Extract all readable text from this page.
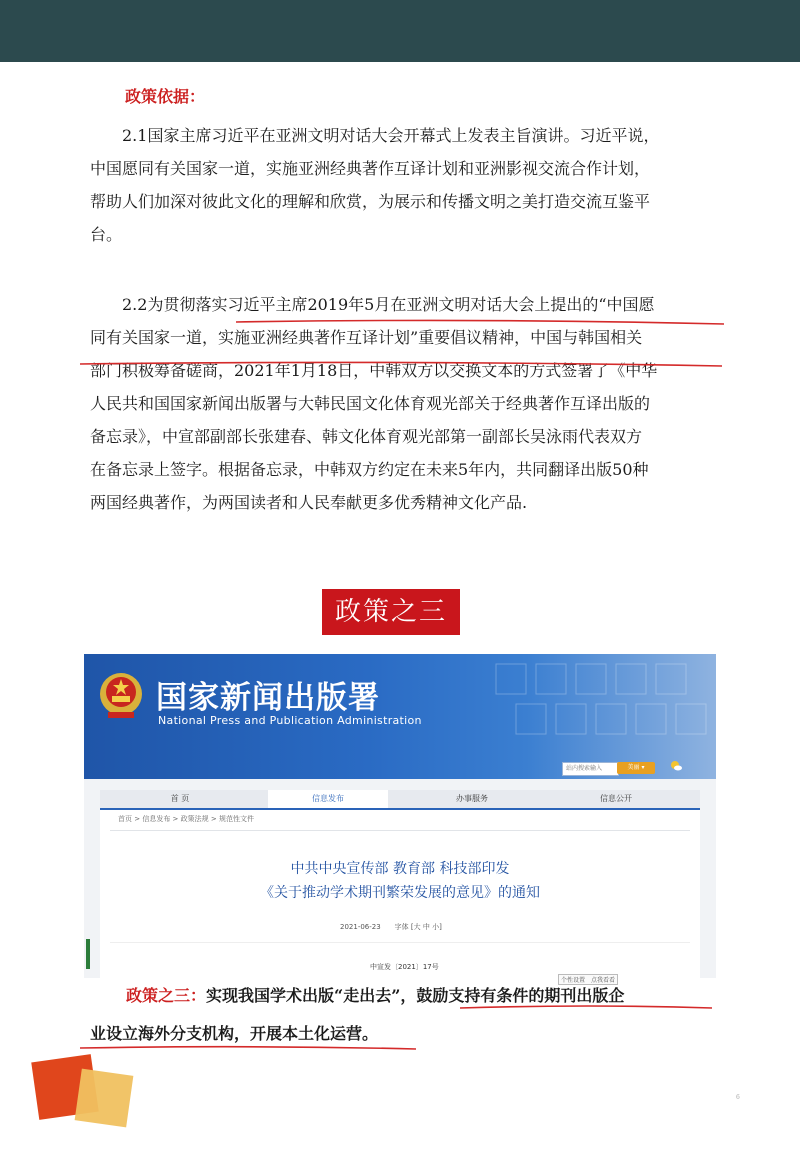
政策依据：
2.1国家主席习近平在亚洲文明对话大会开幕式上发表主旨演讲。习近平说，
中国愿同有关国家一道，实施亚洲经典著作互译计划和亚洲影视交流合作计划，
帮助人们加深对彼此文化的理解和欣赏，为展示和传播文明之美打造交流互鉴平
台。
2.2为贯彻落实习近平主席2019年5月在亚洲文明对话大会上提出的“中国愿
同有关国家一道，实施亚洲经典著作互译计划”重要倡议精神，中国与韩国相关
部门积极筹备磋商，2021年1月18日，中韩双方以交换文本的方式签署了《中华
人民共和国国家新闻出版署与大韩民国文化体育观光部关于经典著作互译出版的
备忘录》，中宣部副部长张建春、韩文化体育观光部第一副部长吴泳雨代表双方
在备忘录上签字。根据备忘录，中韩双方约定在未来5年内，共同翻译出版50种
两国经典著作，为两国读者和人民奉献更多优秀精神文化产品.
政策之三
国家新闻出版署
National Press and Publication Administration
站内搜索输入	美丽 ▾
首 页	信息发布	办事服务	信息公开
首页 > 信息发布 > 政策法规 > 规范性文件
中共中央宣传部 教育部 科技部印发
《关于推动学术期刊繁荣发展的意见》的通知
2021-06-23　　字体 [大 中 小]
中宣发〔2021〕17号
个性设置　点我看看
政策之三：实现我国学术出版“走出去”，鼓励支持有条件的期刊出版企
业设立海外分支机构，开展本土化运营。
6
